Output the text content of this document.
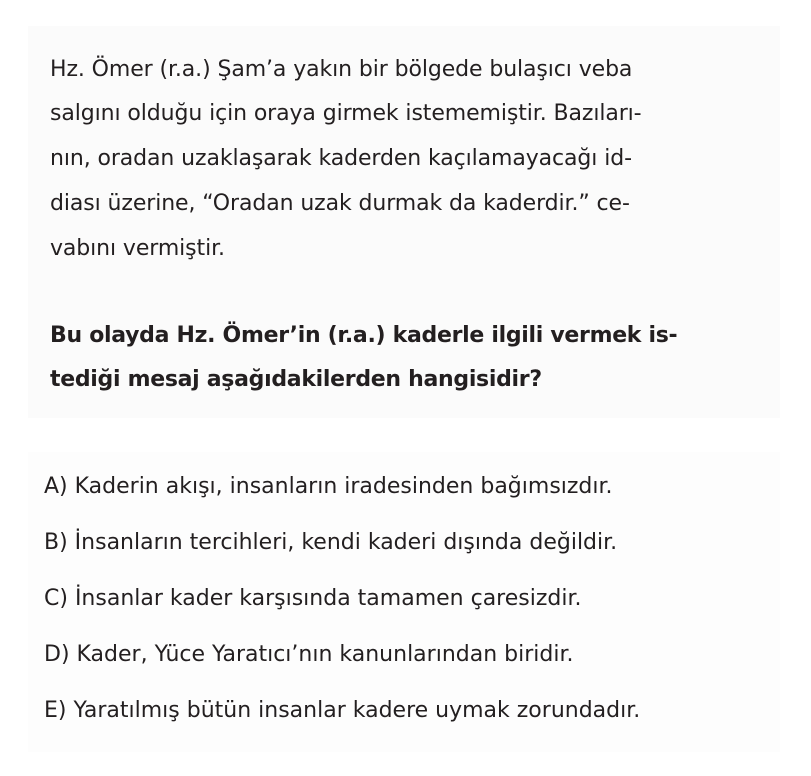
Hz. Ömer (r.a.) Şam’a yakın bir bölgede bulaşıcı veba
salgını olduğu için oraya girmek istememiştir. Bazıları-
nın, oradan uzaklaşarak kaderden kaçılamayacağı id-
diası üzerine, “Oradan uzak durmak da kaderdir.” ce-
vabını vermiştir.
Bu olayda Hz. Ömer’in (r.a.) kaderle ilgili vermek is-
tediği mesaj aşağıdakilerden hangisidir?
A) Kaderin akışı, insanların iradesinden bağımsızdır.
B) İnsanların tercihleri, kendi kaderi dışında değildir.
C) İnsanlar kader karşısında tamamen çaresizdir.
D) Kader, Yüce Yaratıcı’nın kanunlarından biridir.
E) Yaratılmış bütün insanlar kadere uymak zorundadır.
